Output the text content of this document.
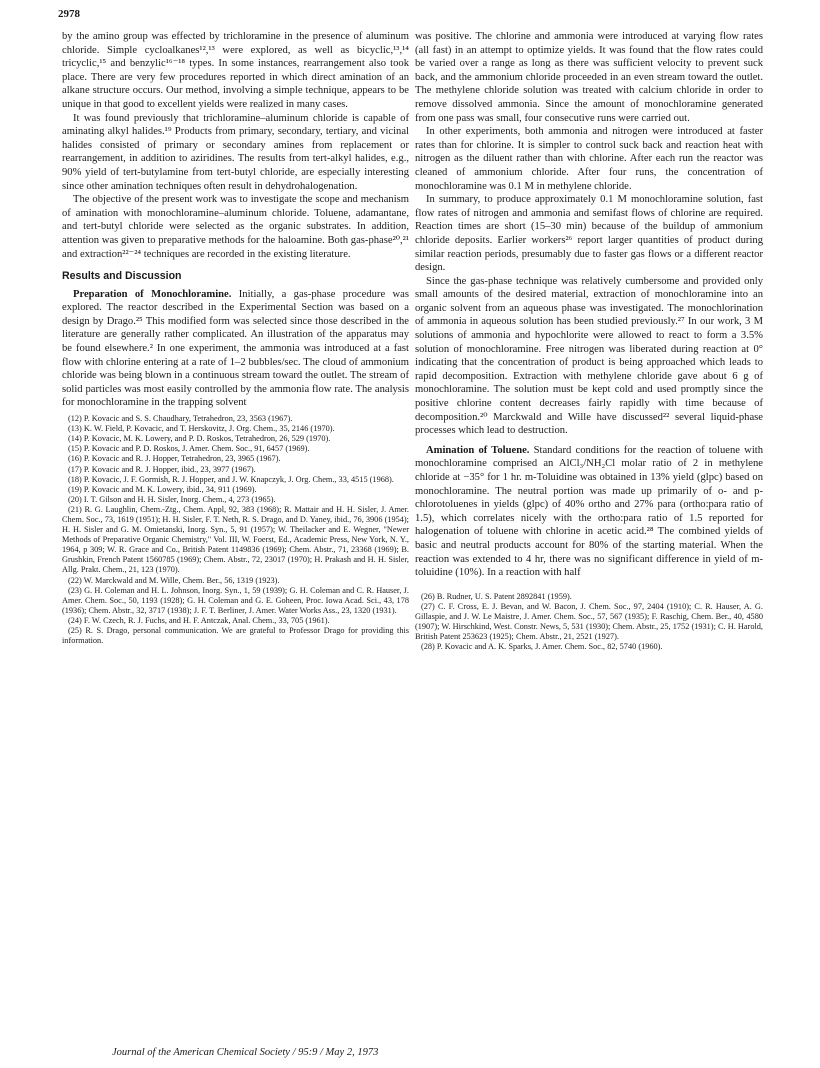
2978

by the amino group was effected by trichloramine in the presence of aluminum chloride. Simple cycloalkanes¹²,¹³ were explored, as well as bicyclic,¹³,¹⁴ tricyclic,¹⁵ and benzylic¹⁶⁻¹⁸ types. In some instances, rearrangement also took place. There are very few procedures reported in which direct amination of an alkane structure occurs. Our method, involving a simple technique, appears to be unique in that good to excellent yields were realized in many cases.

It was found previously that trichloramine–aluminum chloride is capable of aminating alkyl halides.¹⁹ Products from primary, secondary, tertiary, and vicinal halides consisted of primary or secondary amines from replacement or rearrangement, in addition to aziridines. The results from tert-alkyl halides, e.g., 90% yield of tert-butylamine from tert-butyl chloride, are especially interesting since other amination techniques often result in dehydrohalogenation.

The objective of the present work was to investigate the scope and mechanism of amination with monochloramine–aluminum chloride. Toluene, adamantane, and tert-butyl chloride were selected as the organic substrates. In addition, attention was given to preparative methods for the haloamine. Both gas-phase²⁰,²¹ and extraction²²⁻²⁴ techniques are recorded in the existing literature.

Results and Discussion

Preparation of Monochloramine. Initially, a gas-phase procedure was explored. The reactor described in the Experimental Section was based on a design by Drago.²⁵ This modified form was selected since those described in the literature are generally rather complicated. An illustration of the apparatus may be found elsewhere.² In one experiment, the ammonia was introduced at a fast flow with chlorine entering at a rate of 1–2 bubbles/sec. The cloud of ammonium chloride was being blown in a continuous stream toward the outlet. The stream of solid particles was most easily controlled by the ammonia flow rate. The analysis for monochloramine in the trapping solvent

(12) P. Kovacic and S. S. Chaudhary, Tetrahedron, 23, 3563 (1967).

(13) K. W. Field, P. Kovacic, and T. Herskovitz, J. Org. Chem., 35, 2146 (1970).

(14) P. Kovacic, M. K. Lowery, and P. D. Roskos, Tetrahedron, 26, 529 (1970).

(15) P. Kovacic and P. D. Roskos, J. Amer. Chem. Soc., 91, 6457 (1969).

(16) P. Kovacic and R. J. Hopper, Tetrahedron, 23, 3965 (1967).

(17) P. Kovacic and R. J. Hopper, ibid., 23, 3977 (1967).

(18) P. Kovacic, J. F. Gormish, R. J. Hopper, and J. W. Knapczyk, J. Org. Chem., 33, 4515 (1968).

(19) P. Kovacic and M. K. Lowery, ibid., 34, 911 (1969).

(20) I. T. Gilson and H. H. Sisler, Inorg. Chem., 4, 273 (1965).

(21) R. G. Laughlin, Chem.-Ztg., Chem. Appl, 92, 383 (1968); R. Mattair and H. H. Sisler, J. Amer. Chem. Soc., 73, 1619 (1951); H. H. Sisler, F. T. Neth, R. S. Drago, and D. Yaney, ibid., 76, 3906 (1954); H. H. Sisler and G. M. Omietanski, Inorg. Syn., 5, 91 (1957); W. Theilacker and E. Wegner, "Newer Methods of Preparative Organic Chemistry," Vol. III, W. Foerst, Ed., Academic Press, New York, N. Y., 1964, p 309; W. R. Grace and Co., British Patent 1149836 (1969); Chem. Abstr., 71, 23368 (1969); B. Grushkin, French Patent 1560785 (1969); Chem. Abstr., 72, 23017 (1970); H. Prakash and H. H. Sisler, Allg. Prakt. Chem., 21, 123 (1970).

(22) W. Marckwald and M. Wille, Chem. Ber., 56, 1319 (1923).

(23) G. H. Coleman and H. L. Johnson, Inorg. Syn., 1, 59 (1939); G. H. Coleman and C. R. Hauser, J. Amer. Chem. Soc., 50, 1193 (1928); G. H. Coleman and G. E. Goheen, Proc. Iowa Acad. Sci., 43, 178 (1936); Chem. Abstr., 32, 3717 (1938); J. F. T. Berliner, J. Amer. Water Works Ass., 23, 1320 (1931).

(24) F. W. Czech, R. J. Fuchs, and H. F. Antczak, Anal. Chem., 33, 705 (1961).

(25) R. S. Drago, personal communication. We are grateful to Professor Drago for providing this information.

was positive. The chlorine and ammonia were introduced at varying flow rates (all fast) in an attempt to optimize yields. It was found that the flow rates could be varied over a range as long as there was sufficient velocity to prevent suck back, and the ammonium chloride proceeded in an even stream toward the outlet. The methylene chloride solution was treated with calcium chloride in order to remove dissolved ammonia. Since the amount of monochloramine generated from one pass was small, four consecutive runs were carried out.

In other experiments, both ammonia and nitrogen were introduced at faster rates than for chlorine. It is simpler to control suck back and reaction heat with nitrogen as the diluent rather than with chlorine. After each run the reactor was cleaned of ammonium chloride. After four runs, the concentration of monochloramine was 0.1 M in methylene chloride.

In summary, to produce approximately 0.1 M monochloramine solution, fast flow rates of nitrogen and ammonia and semifast flows of chlorine are required. Reaction times are short (15–30 min) because of the buildup of ammonium chloride deposits. Earlier workers²⁶ report larger quantities of product during similar reaction periods, presumably due to faster gas flows or a different reactor design.

Since the gas-phase technique was relatively cumbersome and provided only small amounts of the desired material, extraction of monochloramine into an organic solvent from an aqueous phase was investigated. The monochlorination of ammonia in aqueous solution has been studied previously.²⁷ In our work, 3 M solutions of ammonia and hypochlorite were allowed to react to form a 3.5% solution of monochloramine. Free nitrogen was liberated during reaction at 0° indicating that the concentration of product is being approached which leads to rapid decomposition. Extraction with methylene chloride gave about 6 g of monochloramine. The solution must be kept cold and used promptly since the positive chlorine content decreases fairly rapidly with time because of decomposition.²⁰ Marckwald and Wille have discussed²² several liquid-phase processes which lead to destruction.

Amination of Toluene. Standard conditions for the reaction of toluene with monochloramine comprised an AlCl₃/NH₂Cl molar ratio of 2 in methylene chloride at −35° for 1 hr. m-Toluidine was obtained in 13% yield (glpc) based on monochloramine. The neutral portion was made up primarily of o- and p-chlorotoluenes in yields (glpc) of 40% ortho and 27% para (ortho:para ratio of 1.5), which correlates nicely with the ortho:para ratio of 1.5 reported for halogenation of toluene with chlorine in acetic acid.²⁸ The combined yields of basic and neutral products account for 80% of the starting material. When the reaction was extended to 4 hr, there was no significant difference in yield of m-toluidine (10%). In a reaction with half

(26) B. Rudner, U. S. Patent 2892841 (1959).

(27) C. F. Cross, E. J. Bevan, and W. Bacon, J. Chem. Soc., 97, 2404 (1910); C. R. Hauser, A. G. Gillaspie, and J. W. Le Maistre, J. Amer. Chem. Soc., 57, 567 (1935); F. Raschig, Chem. Ber., 40, 4580 (1907); W. Hirschkind, West. Constr. News, 5, 531 (1930); Chem. Abstr., 25, 1752 (1931); C. H. Harold, British Patent 253623 (1925); Chem. Abstr., 21, 2521 (1927).

(28) P. Kovacic and A. K. Sparks, J. Amer. Chem. Soc., 82, 5740 (1960).

Journal of the American Chemical Society / 95:9 / May 2, 1973
